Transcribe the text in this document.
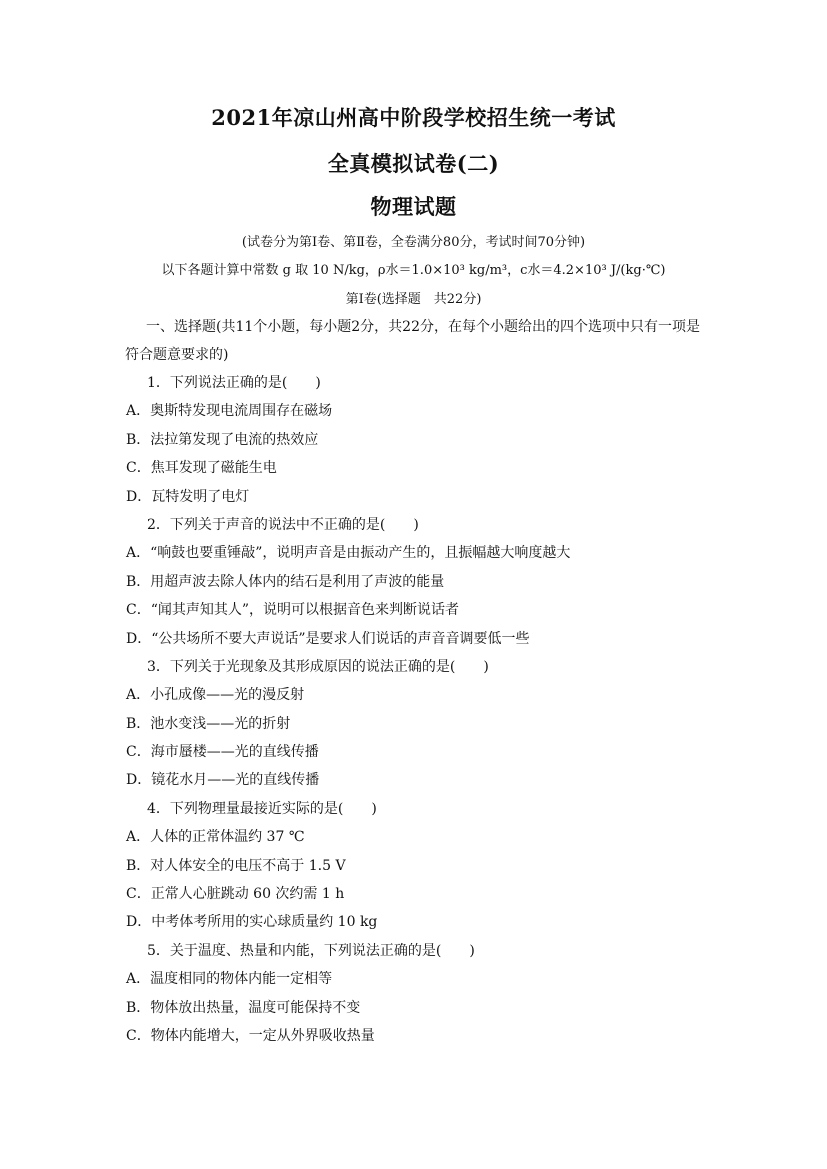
2021年凉山州高中阶段学校招生统一考试
全真模拟试卷(二)
物理试题
(试卷分为第Ⅰ卷、第Ⅱ卷，全卷满分80分，考试时间70分钟)
以下各题计算中常数 g 取 10 N/kg，ρ水＝1.0×10³ kg/m³，c水＝4.2×10³ J/(kg·℃)
第Ⅰ卷(选择题　共22分)
一、选择题(共11个小题，每小题2分，共22分，在每个小题给出的四个选项中只有一项是符合题意要求的)
1．下列说法正确的是( )
A．奥斯特发现电流周围存在磁场
B．法拉第发现了电流的热效应
C．焦耳发现了磁能生电
D．瓦特发明了电灯
2．下列关于声音的说法中不正确的是( )
A．“响鼓也要重锤敲”，说明声音是由振动产生的，且振幅越大响度越大
B．用超声波去除人体内的结石是利用了声波的能量
C．“闻其声知其人”，说明可以根据音色来判断说话者
D．“公共场所不要大声说话”是要求人们说话的声音音调要低一些
3．下列关于光现象及其形成原因的说法正确的是( )
A．小孔成像——光的漫反射
B．池水变浅——光的折射
C．海市蜃楼——光的直线传播
D．镜花水月——光的直线传播
4．下列物理量最接近实际的是( )
A．人体的正常体温约 37 ℃
B．对人体安全的电压不高于 1.5 V
C．正常人心脏跳动 60 次约需 1 h
D．中考体考所用的实心球质量约 10 kg
5．关于温度、热量和内能，下列说法正确的是( )
A．温度相同的物体内能一定相等
B．物体放出热量，温度可能保持不变
C．物体内能增大，一定从外界吸收热量
